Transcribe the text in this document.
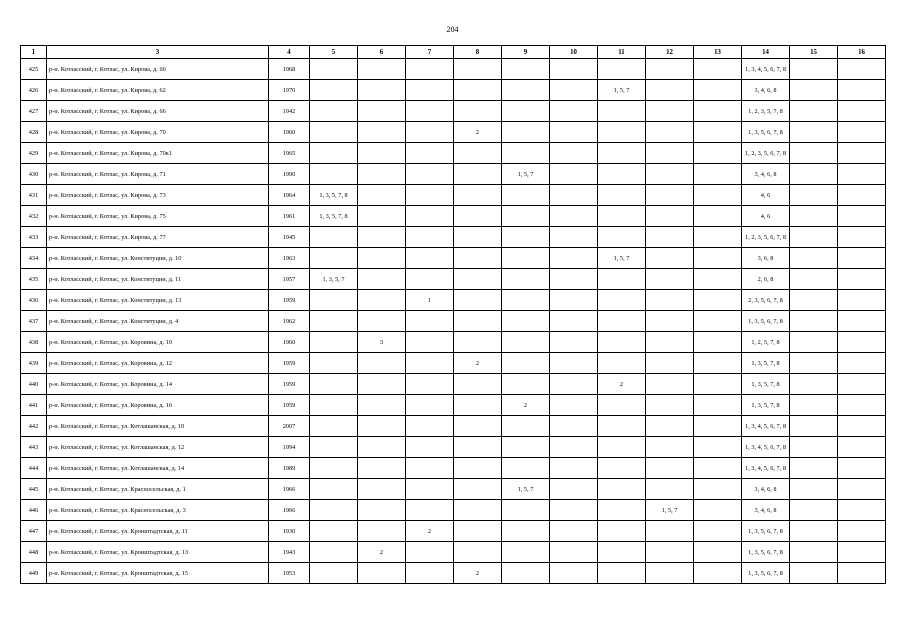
204
1	3	4	5	6	7	8	9	10	11	12	13	14	15	16
425	р-н. Котласский, г. Котлас, ул. Кирова, д. 60	1968										1, 3, 4, 5, 6, 7, 8		
426	р-н. Котласский, г. Котлас, ул. Кирова, д. 62	1970							1, 5, 7			3, 4, 6, 8		
427	р-н. Котласский, г. Котлас, ул. Кирова, д. 66	1942										1, 2, 3, 5, 7, 8		
428	р-н. Котласский, г. Котлас, ул. Кирова, д. 70	1960				2						1, 3, 5, 6, 7, 8		
429	р-н. Котласский, г. Котлас, ул. Кирова, д. 70к1	1965										1, 2, 3, 5, 6, 7, 8		
430	р-н. Котласский, г. Котлас, ул. Кирова, д. 71	1990					1, 5, 7					3, 4, 6, 8		
431	р-н. Котласский, г. Котлас, ул. Кирова, д. 73	1964	1, 3, 5, 7, 8									4, 6		
432	р-н. Котласский, г. Котлас, ул. Кирова, д. 75	1961	1, 3, 5, 7, 8									4, 6		
433	р-н. Котласский, г. Котлас, ул. Кирова, д. 77	1945										1, 2, 3, 5, 6, 7, 8		
434	р-н. Котласский, г. Котлас, ул. Конституции, д. 10	1963							1, 5, 7			3, 6, 8		
435	р-н. Котласский, г. Котлас, ул. Конституции, д. 11	1957	1, 3, 5, 7									2, 6, 8		
436	р-н. Котласский, г. Котлас, ул. Конституции, д. 13	1959			1							2, 3, 5, 6, 7, 8		
437	р-н. Котласский, г. Котлас, ул. Конституции, д. 4	1962										1, 3, 5, 6, 7, 8		
438	р-н. Котласский, г. Котлас, ул. Коровина, д. 10	1960		3								1, 2, 5, 7, 8		
439	р-н. Котласский, г. Котлас, ул. Коровина, д. 12	1959				2						1, 3, 5, 7, 8		
440	р-н. Котласский, г. Котлас, ул. Коровина, д. 14	1959							2			1, 3, 5, 7, 8		
441	р-н. Котласский, г. Котлас, ул. Коровина, д. 16	1959					2					1, 3, 5, 7, 8		
442	р-н. Котласский, г. Котлас, ул. Котлашанская, д. 10	2007										1, 3, 4, 5, 6, 7, 8		
443	р-н. Котласский, г. Котлас, ул. Котлашанская, д. 12	1994										1, 3, 4, 5, 6, 7, 8		
444	р-н. Котласский, г. Котлас, ул. Котлашанская, д. 14	1989										1, 3, 4, 5, 6, 7, 8		
445	р-н. Котласский, г. Котлас, ул. Красносельская, д. 1	1966					1, 5, 7					3, 4, 6, 8		
446	р-н. Котласский, г. Котлас, ул. Красносельская, д. 3	1966								1, 5, 7		3, 4, 6, 8		
447	р-н. Котласский, г. Котлас, ул. Кронштадтская, д. 11	1930			2							1, 3, 5, 6, 7, 8		
448	р-н. Котласский, г. Котлас, ул. Кронштадтская, д. 13	1943		2								1, 3, 5, 6, 7, 8		
449	р-н. Котласский, г. Котлас, ул. Кронштадтская, д. 15	1953				2						1, 3, 5, 6, 7, 8		
